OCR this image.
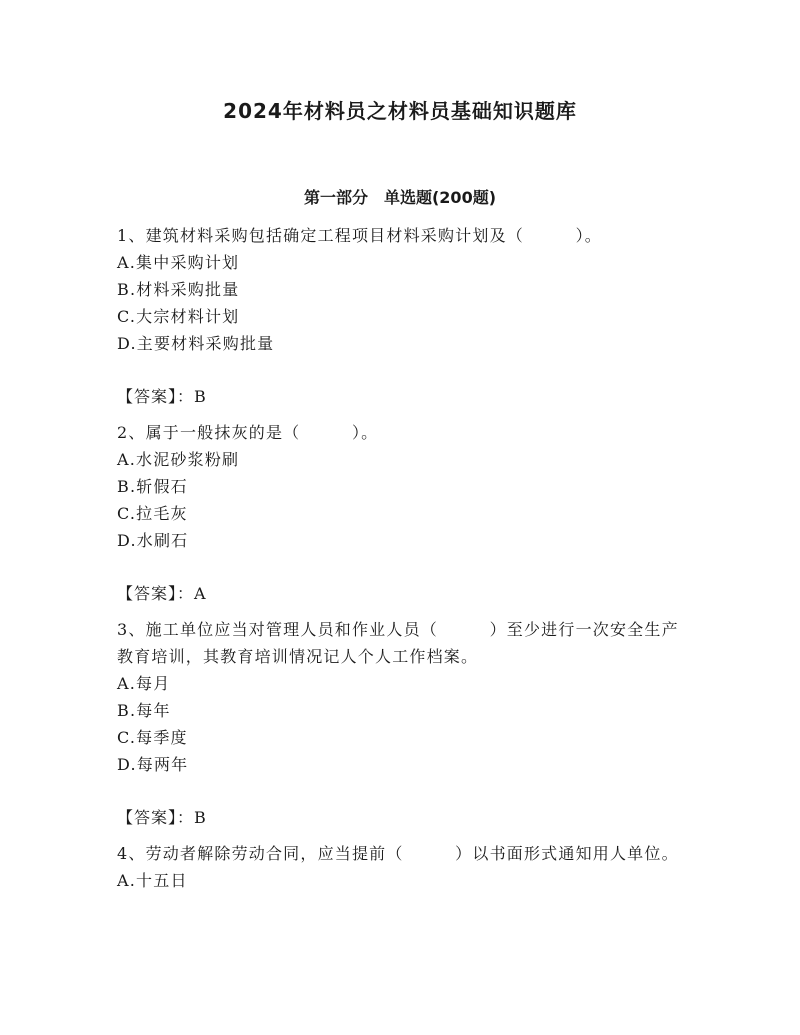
2024年材料员之材料员基础知识题库
第一部分　单选题(200题)
1、建筑材料采购包括确定工程项目材料采购计划及（　　　）。
A.集中采购计划
B.材料采购批量
C.大宗材料计划
D.主要材料采购批量
【答案】：B
2、属于一般抹灰的是（　　　）。
A.水泥砂浆粉刷
B.斩假石
C.拉毛灰
D.水刷石
【答案】：A
3、施工单位应当对管理人员和作业人员（　　　）至少进行一次安全生产教育培训，其教育培训情况记人个人工作档案。
A.每月
B.每年
C.每季度
D.每两年
【答案】：B
4、劳动者解除劳动合同，应当提前（　　　）以书面形式通知用人单位。
A.十五日
